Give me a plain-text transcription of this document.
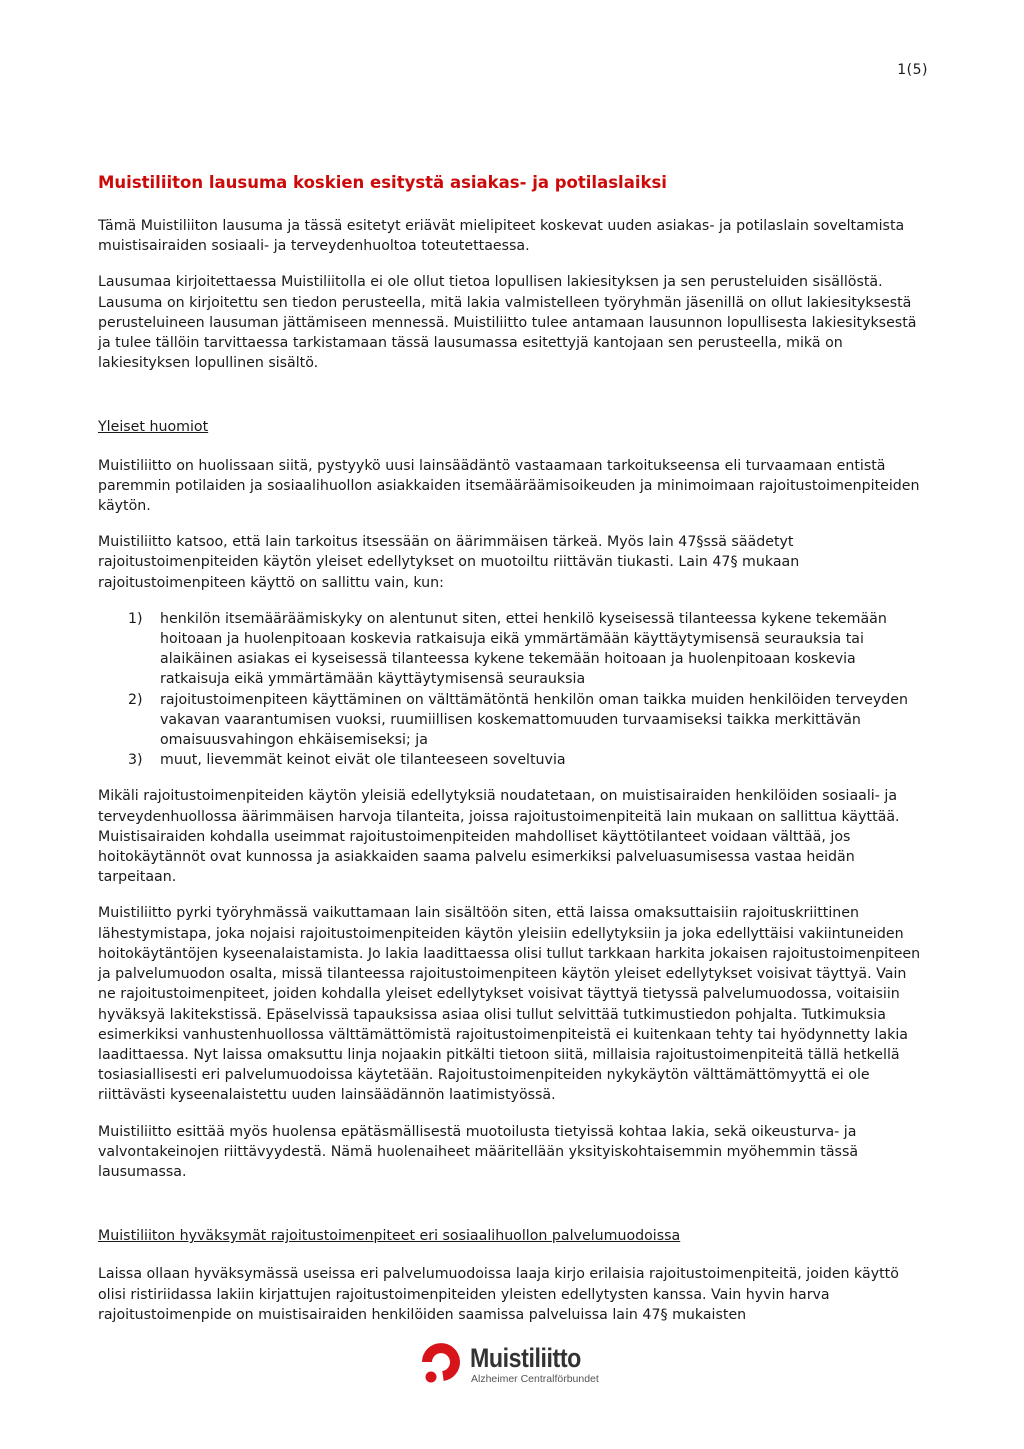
1(5)
Muistiliiton lausuma koskien esitystä asiakas- ja potilaslaiksi

Tämä Muistiliiton lausuma ja tässä esitetyt eriävät mielipiteet koskevat uuden asiakas- ja potilaslain soveltamista muistisairaiden sosiaali- ja terveydenhuoltoa toteutettaessa.

Lausumaa kirjoitettaessa Muistiliitolla ei ole ollut tietoa lopullisen lakiesityksen ja sen perusteluiden sisällöstä. Lausuma on kirjoitettu sen tiedon perusteella, mitä lakia valmistelleen työryhmän jäsenillä on ollut lakiesityksestä perusteluineen lausuman jättämiseen mennessä. Muistiliitto tulee antamaan lausunnon lopullisesta lakiesityksestä ja tulee tällöin tarvittaessa tarkistamaan tässä lausumassa esitettyjä kantojaan sen perusteella, mikä on lakiesityksen lopullinen sisältö.

Yleiset huomiot

Muistiliitto on huolissaan siitä, pystyykö uusi lainsäädäntö vastaamaan tarkoitukseensa eli turvaamaan entistä paremmin potilaiden ja sosiaalihuollon asiakkaiden itsemääräämisoikeuden ja minimoimaan rajoitustoimenpiteiden käytön.

Muistiliitto katsoo, että lain tarkoitus itsessään on äärimmäisen tärkeä. Myös lain 47§ssä säädetyt rajoitustoimenpiteiden käytön yleiset edellytykset on muotoiltu riittävän tiukasti. Lain 47§ mukaan rajoitustoimenpiteen käyttö on sallittu vain, kun:

1) henkilön itsemääräämiskyky on alentunut siten, ettei henkilö kyseisessä tilanteessa kykene tekemään hoitoaan ja huolenpitoaan koskevia ratkaisuja eikä ymmärtämään käyttäytymisensä seurauksia tai alaikäinen asiakas ei kyseisessä tilanteessa kykene tekemään hoitoaan ja huolenpitoaan koskevia ratkaisuja eikä ymmärtämään käyttäytymisensä seurauksia
2) rajoitustoimenpiteen käyttäminen on välttämätöntä henkilön oman taikka muiden henkilöiden terveyden vakavan vaarantumisen vuoksi, ruumiillisen koskemattomuuden turvaamiseksi taikka merkittävän omaisuusvahingon ehkäisemiseksi; ja
3) muut, lievemmät keinot eivät ole tilanteeseen soveltuvia

Mikäli rajoitustoimenpiteiden käytön yleisiä edellytyksiä noudatetaan, on muistisairaiden henkilöiden sosiaali- ja terveydenhuollossa äärimmäisen harvoja tilanteita, joissa rajoitustoimenpiteitä lain mukaan on sallittua käyttää. Muistisairaiden kohdalla useimmat rajoitustoimenpiteiden mahdolliset käyttötilanteet voidaan välttää, jos hoitokäytännöt ovat kunnossa ja asiakkaiden saama palvelu esimerkiksi palveluasumisessa vastaa heidän tarpeitaan.

Muistiliitto pyrki työryhmässä vaikuttamaan lain sisältöön siten, että laissa omaksuttaisiin rajoituskriittinen lähestymistapa, joka nojaisi rajoitustoimenpiteiden käytön yleisiin edellytyksiin ja joka edellyttäisi vakiintuneiden hoitokäytäntöjen kyseenalaistamista. Jo lakia laadittaessa olisi tullut tarkkaan harkita jokaisen rajoitustoimenpiteen ja palvelumuodon osalta, missä tilanteessa rajoitustoimenpiteen käytön yleiset edellytykset voisivat täyttyä. Vain ne rajoitustoimenpiteet, joiden kohdalla yleiset edellytykset voisivat täyttyä tietyssä palvelumuodossa, voitaisiin hyväksyä lakitekstissä. Epäselvissä tapauksissa asiaa olisi tullut selvittää tutkimustiedon pohjalta. Tutkimuksia esimerkiksi vanhustenhuollossa välttämättömistä rajoitustoimenpiteistä ei kuitenkaan tehty tai hyödynnetty lakia laadittaessa. Nyt laissa omaksuttu linja nojaakin pitkälti tietoon siitä, millaisia rajoitustoimenpiteitä tällä hetkellä tosiasiallisesti eri palvelumuodoissa käytetään. Rajoitustoimenpiteiden nykykäytön välttämättömyyttä ei ole riittävästi kyseenalaistettu uuden lainsäädännön laatimistyössä.

Muistiliitto esittää myös huolensa epätäsmällisestä muotoilusta tietyissä kohtaa lakia, sekä oikeusturva- ja valvontakeinojen riittävyydestä. Nämä huolenaiheet määritellään yksityiskohtaisemmin myöhemmin tässä lausumassa.

Muistiliiton hyväksymät rajoitustoimenpiteet eri sosiaalihuollon palvelumuodoissa

Laissa ollaan hyväksymässä useissa eri palvelumuodoissa laaja kirjo erilaisia rajoitustoimenpiteitä, joiden käyttö olisi ristiriidassa lakiin kirjattujen rajoitustoimenpiteiden yleisten edellytysten kanssa. Vain hyvin harva rajoitustoimenpide on muistisairaiden henkilöiden saamissa palveluissa lain 47§ mukaisten

Muistiliitto
Alzheimer Centralförbundet
